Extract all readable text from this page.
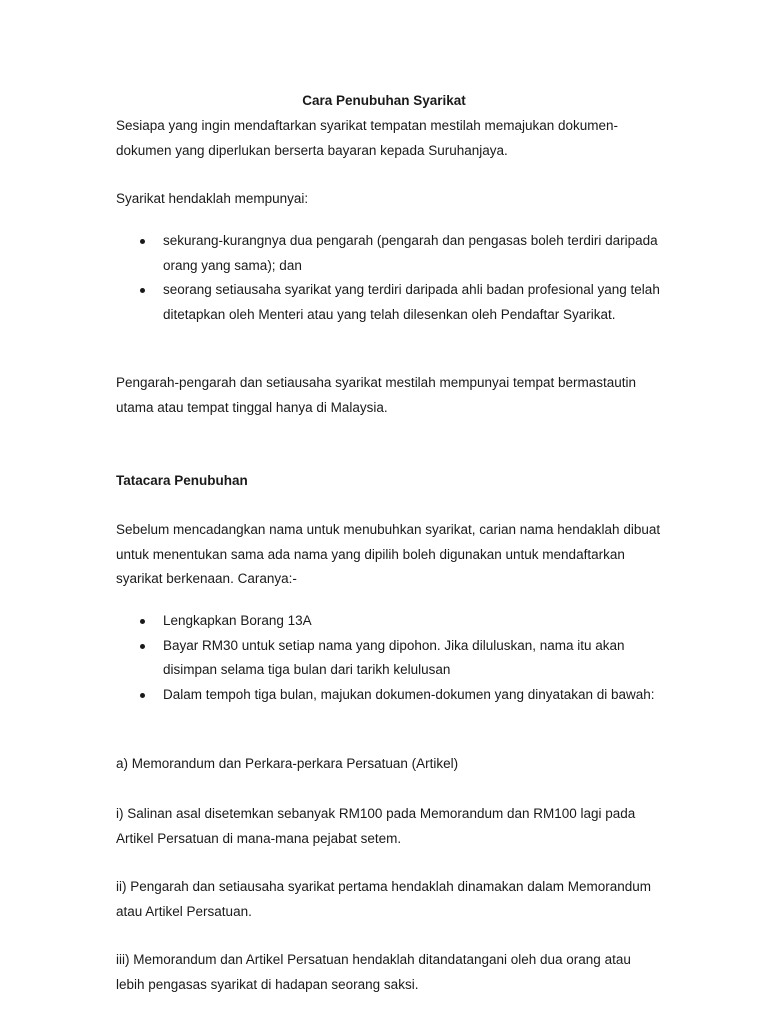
Cara Penubuhan Syarikat

Sesiapa yang ingin mendaftarkan syarikat tempatan mestilah memajukan dokumen-dokumen yang diperlukan berserta bayaran kepada Suruhanjaya.

Syarikat hendaklah mempunyai:

sekurang-kurangnya dua pengarah (pengarah dan pengasas boleh terdiri daripada orang yang sama); dan
seorang setiausaha syarikat yang terdiri daripada ahli badan profesional yang telah ditetapkan oleh Menteri atau yang telah dilesenkan oleh Pendaftar Syarikat.

Pengarah-pengarah dan setiausaha syarikat mestilah mempunyai tempat bermastautin utama atau tempat tinggal hanya di Malaysia.

Tatacara Penubuhan

Sebelum mencadangkan nama untuk menubuhkan syarikat, carian nama hendaklah dibuat untuk menentukan sama ada nama yang dipilih boleh digunakan untuk mendaftarkan syarikat berkenaan. Caranya:-

Lengkapkan Borang 13A
Bayar RM30 untuk setiap nama yang dipohon. Jika diluluskan, nama itu akan disimpan selama tiga bulan dari tarikh kelulusan
Dalam tempoh tiga bulan, majukan dokumen-dokumen yang dinyatakan di bawah:

a) Memorandum dan Perkara-perkara Persatuan (Artikel)

i) Salinan asal disetemkan sebanyak RM100 pada Memorandum dan RM100 lagi pada Artikel Persatuan di mana-mana pejabat setem.

ii) Pengarah dan setiausaha syarikat pertama hendaklah dinamakan dalam Memorandum atau Artikel Persatuan.

iii) Memorandum dan Artikel Persatuan hendaklah ditandatangani oleh dua orang atau lebih pengasas syarikat di hadapan seorang saksi.
